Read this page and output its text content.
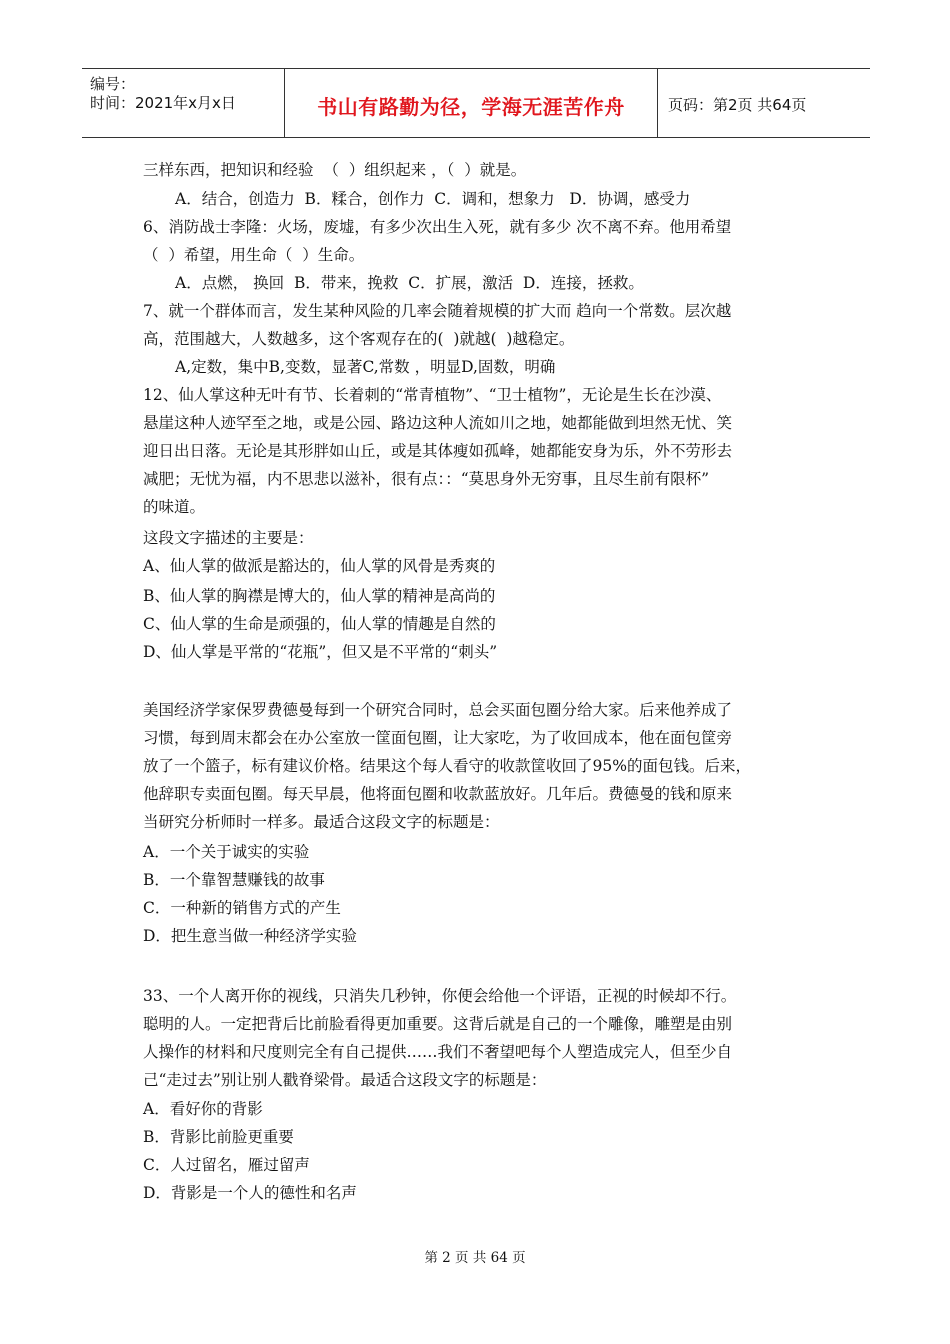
编号：
时间：2021年x月x日	书山有路勤为径，学海无涯苦作舟	页码：第2页 共64页
三样东西，把知识和经验  （  ）组织起来 ，（  ）就是。
A．结合，创造力  B．糅合，创作力  C．调和，想象力   D．协调，感受力
6、消防战士李隆：火场，废墟，有多少次出生入死，就有多少 次不离不弃。他用希望
（  ）希望，用生命（  ）生命。
A．点燃， 换回  B．带来，挽救  C．扩展，激活  D．连接，拯救。
7、就一个群体而言，发生某种风险的几率会随着规模的扩大而 趋向一个常数。层次越
高，范围越大，人数越多，这个客观存在的(  )就越(  )越稳定。
A,定数，集中B,变数，显著C,常数 ，明显D,固数，明确
12、仙人掌这种无叶有节、长着刺的“常青植物”、“卫士植物”，无论是生长在沙漠、
悬崖这种人迹罕至之地，或是公园、路边这种人流如川之地，她都能做到坦然无忧、笑
迎日出日落。无论是其形胖如山丘，或是其体瘦如孤峰，她都能安身为乐，外不劳形去
减肥；无忧为福，内不思悲以滋补，很有点：：“莫思身外无穷事，且尽生前有限杯”
的味道。
这段文字描述的主要是：
A、仙人掌的做派是豁达的，仙人掌的风骨是秀爽的
B、仙人掌的胸襟是博大的，仙人掌的精神是高尚的
C、仙人掌的生命是顽强的，仙人掌的情趣是自然的
D、仙人掌是平常的“花瓶”，但又是不平常的“刺头”
美国经济学家保罗费德曼每到一个研究合同时，总会买面包圈分给大家。后来他养成了
习惯，每到周末都会在办公室放一筐面包圈，让大家吃，为了收回成本，他在面包筐旁
放了一个篮子，标有建议价格。结果这个每人看守的收款筐收回了95%的面包钱。后来，
他辞职专卖面包圈。每天早晨，他将面包圈和收款蓝放好。几年后。费德曼的钱和原来
当研究分析师时一样多。最适合这段文字的标题是：
A．一个关于诚实的实验
B．一个靠智慧赚钱的故事
C．一种新的销售方式的产生
D．把生意当做一种经济学实验
33、一个人离开你的视线，只消失几秒钟，你便会给他一个评语，正视的时候却不行。
聪明的人。一定把背后比前脸看得更加重要。这背后就是自己的一个雕像，雕塑是由别
人操作的材料和尺度则完全有自己提供……我们不奢望吧每个人塑造成完人，但至少自
己“走过去”别让别人戳脊梁骨。最适合这段文字的标题是：
A．看好你的背影
B．背影比前脸更重要
C．人过留名，雁过留声
D．背影是一个人的德性和名声
第 2 页 共 64 页
